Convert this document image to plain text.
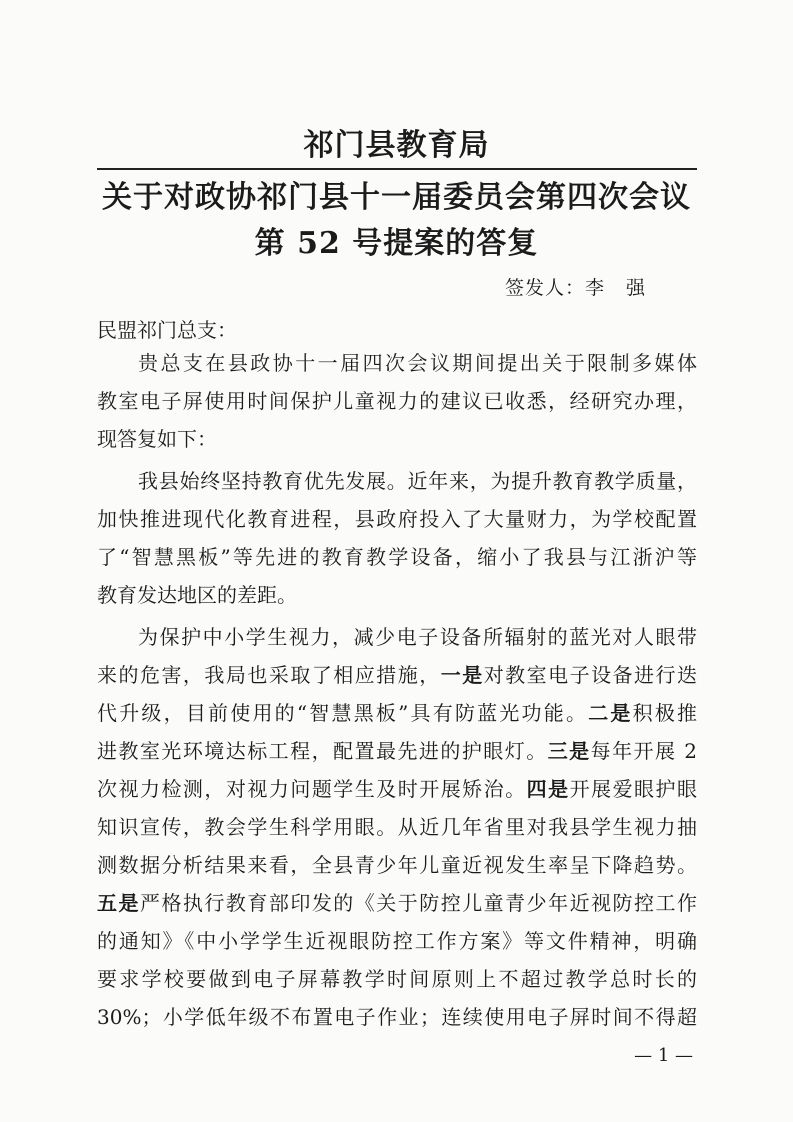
祁门县教育局
关于对政协祁门县十一届委员会第四次会议
第 52 号提案的答复
签发人：李 强
民盟祁门总支：
贵总支在县政协十一届四次会议期间提出关于限制多媒体
教室电子屏使用时间保护儿童视力的建议已收悉，经研究办理，
现答复如下：
我县始终坚持教育优先发展。近年来，为提升教育教学质量，
加快推进现代化教育进程，县政府投入了大量财力，为学校配置
了“智慧黑板”等先进的教育教学设备，缩小了我县与江浙沪等
教育发达地区的差距。
为保护中小学生视力，减少电子设备所辐射的蓝光对人眼带
来的危害，我局也采取了相应措施，一是对教室电子设备进行迭
代升级，目前使用的“智慧黑板”具有防蓝光功能。二是积极推
进教室光环境达标工程，配置最先进的护眼灯。三是每年开展 2
次视力检测，对视力问题学生及时开展矫治。四是开展爱眼护眼
知识宣传，教会学生科学用眼。从近几年省里对我县学生视力抽
测数据分析结果来看，全县青少年儿童近视发生率呈下降趋势。
五是严格执行教育部印发的《关于防控儿童青少年近视防控工作
的通知》《中小学学生近视眼防控工作方案》等文件精神，明确
要求学校要做到电子屏幕教学时间原则上不超过教学总时长的
30%；小学低年级不布置电子作业；连续使用电子屏时间不得超
— 1 —
